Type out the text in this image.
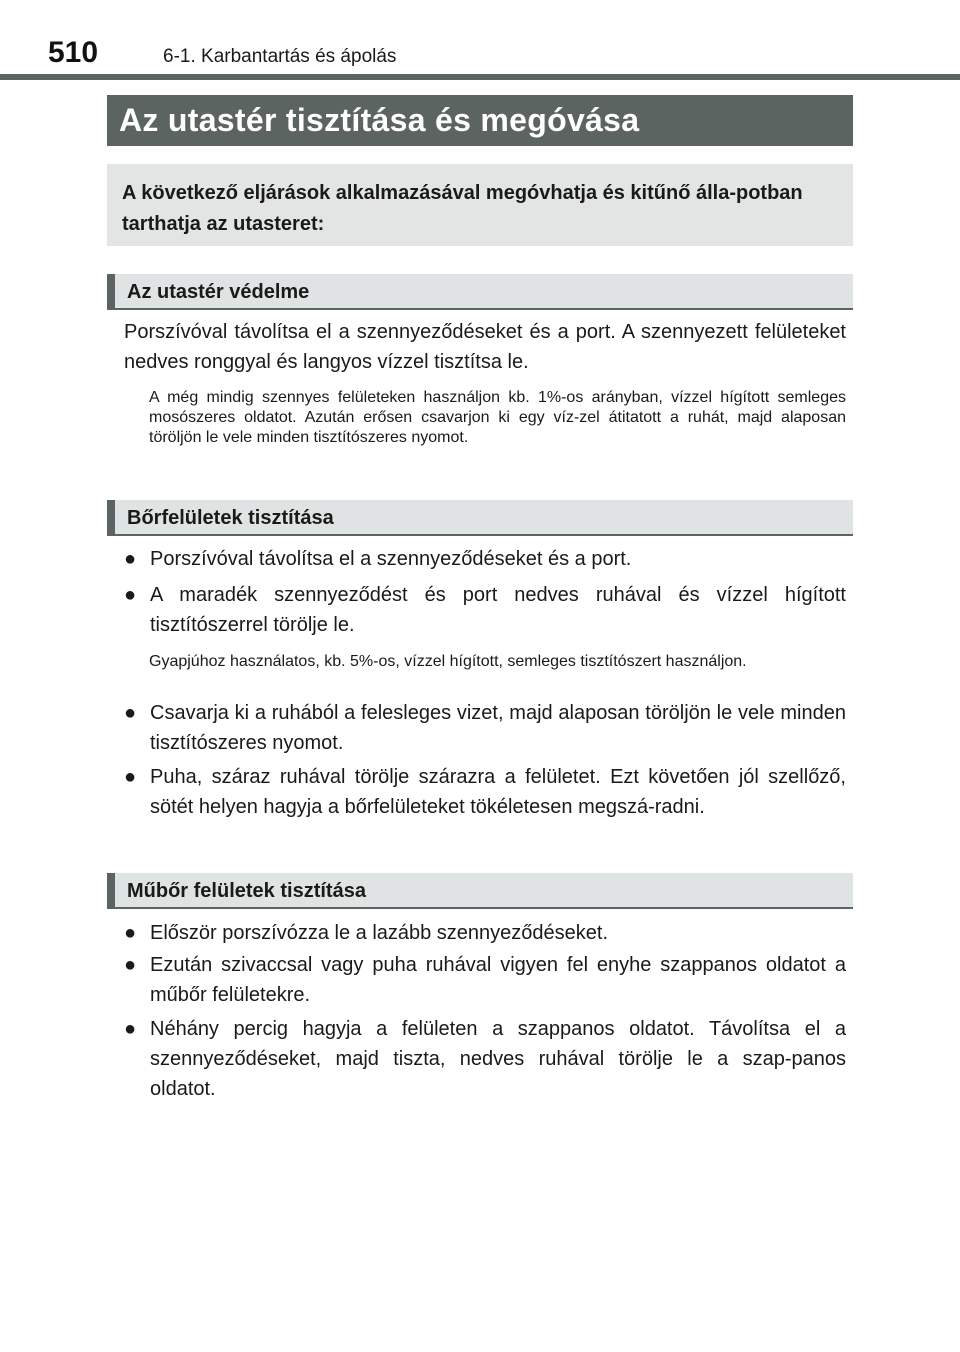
510	6-1. Karbantartás és ápolás
Az utastér tisztítása és megóvása
A következő eljárások alkalmazásával megóvhatja és kitűnő álla-potban tarthatja az utasteret:
Az utastér védelme
Porszívóval távolítsa el a szennyeződéseket és a port. A szennyezett felületeket nedves ronggyal és langyos vízzel tisztítsa le.
A még mindig szennyes felületeken használjon kb. 1%-os arányban, vízzel hígított semleges mosószeres oldatot. Azután erősen csavarjon ki egy víz-zel átitatott a ruhát, majd alaposan töröljön le vele minden tisztítószeres nyomot.
Bőrfelületek tisztítása
● Porszívóval távolítsa el a szennyeződéseket és a port.
● A maradék szennyeződést és port nedves ruhával és vízzel hígított tisztítószerrel törölje le.
Gyapjúhoz használatos, kb. 5%-os, vízzel hígított, semleges tisztítószert használjon.
● Csavarja ki a ruhából a felesleges vizet, majd alaposan töröljön le vele minden tisztítószeres nyomot.
● Puha, száraz ruhával törölje szárazra a felületet. Ezt követően jól szellőző, sötét helyen hagyja a bőrfelületeket tökéletesen megszá-radni.
Műbőr felületek tisztítása
● Először porszívózza le a lazább szennyeződéseket.
● Ezután szivaccsal vagy puha ruhával vigyen fel enyhe szappanos oldatot a műbőr felületekre.
● Néhány percig hagyja a felületen a szappanos oldatot. Távolítsa el a szennyeződéseket, majd tiszta, nedves ruhával törölje le a szap-panos oldatot.
